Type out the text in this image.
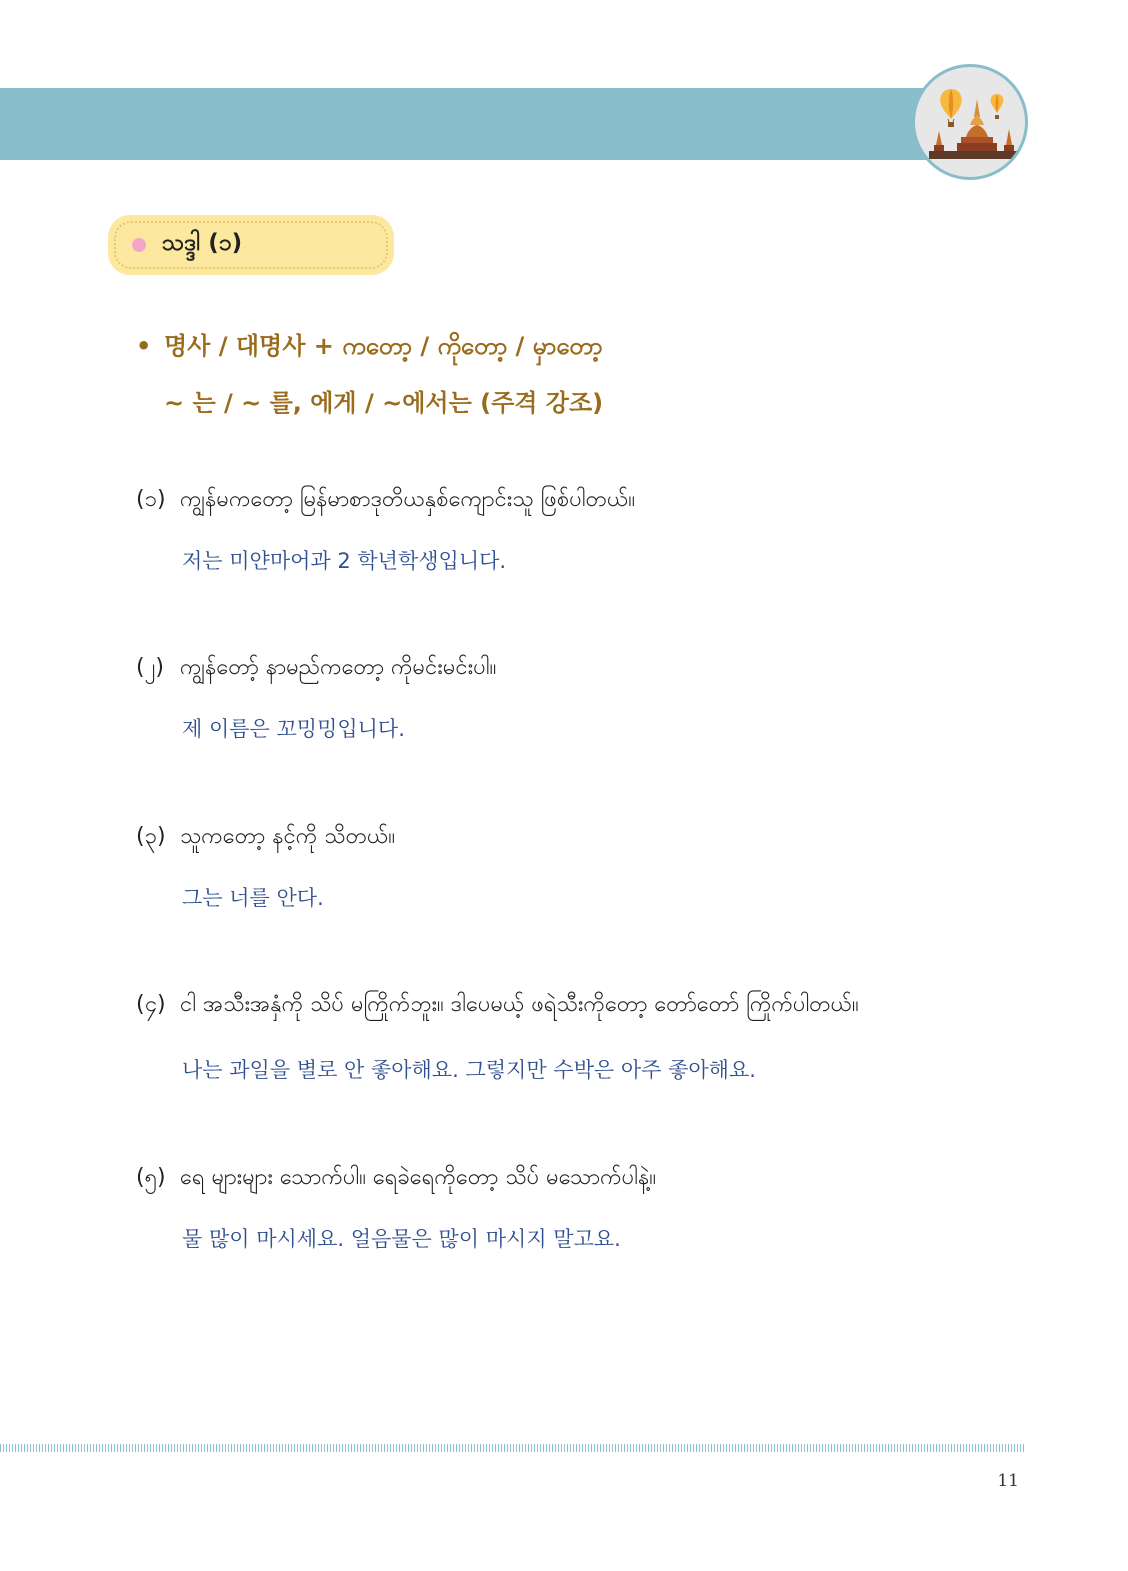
သဒ္ဒါ (၁)
• 명사 / 대명사 + ကတော့ / ကိုတော့ / မှာတော့
~ 는 / ~ 를, 에게 / ~에서는 (주격 강조)
(၁) ကျွန်မကတော့ မြန်မာစာဒုတိယနှစ်ကျောင်းသူ ဖြစ်ပါတယ်။
저는 미얀마어과 2 학년학생입니다.
(၂) ကျွန်တော့် နာမည်ကတော့ ကိုမင်းမင်းပါ။
제 이름은 꼬밍밍입니다.
(၃) သူကတော့ နင့်ကို သိတယ်။
그는 너를 안다.
(၄) ငါ အသီးအနှံကို သိပ် မကြိုက်ဘူး။ ဒါပေမယ့် ဖရဲသီးကိုတော့ တော်တော် ကြိုက်ပါတယ်။
나는 과일을 별로 안 좋아해요. 그렇지만 수박은 아주 좋아해요.
(၅) ရေ များများ သောက်ပါ။ ရေခဲရေကိုတော့ သိပ် မသောက်ပါနဲ့။
물 많이 마시세요. 얼음물은 많이 마시지 말고요.
11
